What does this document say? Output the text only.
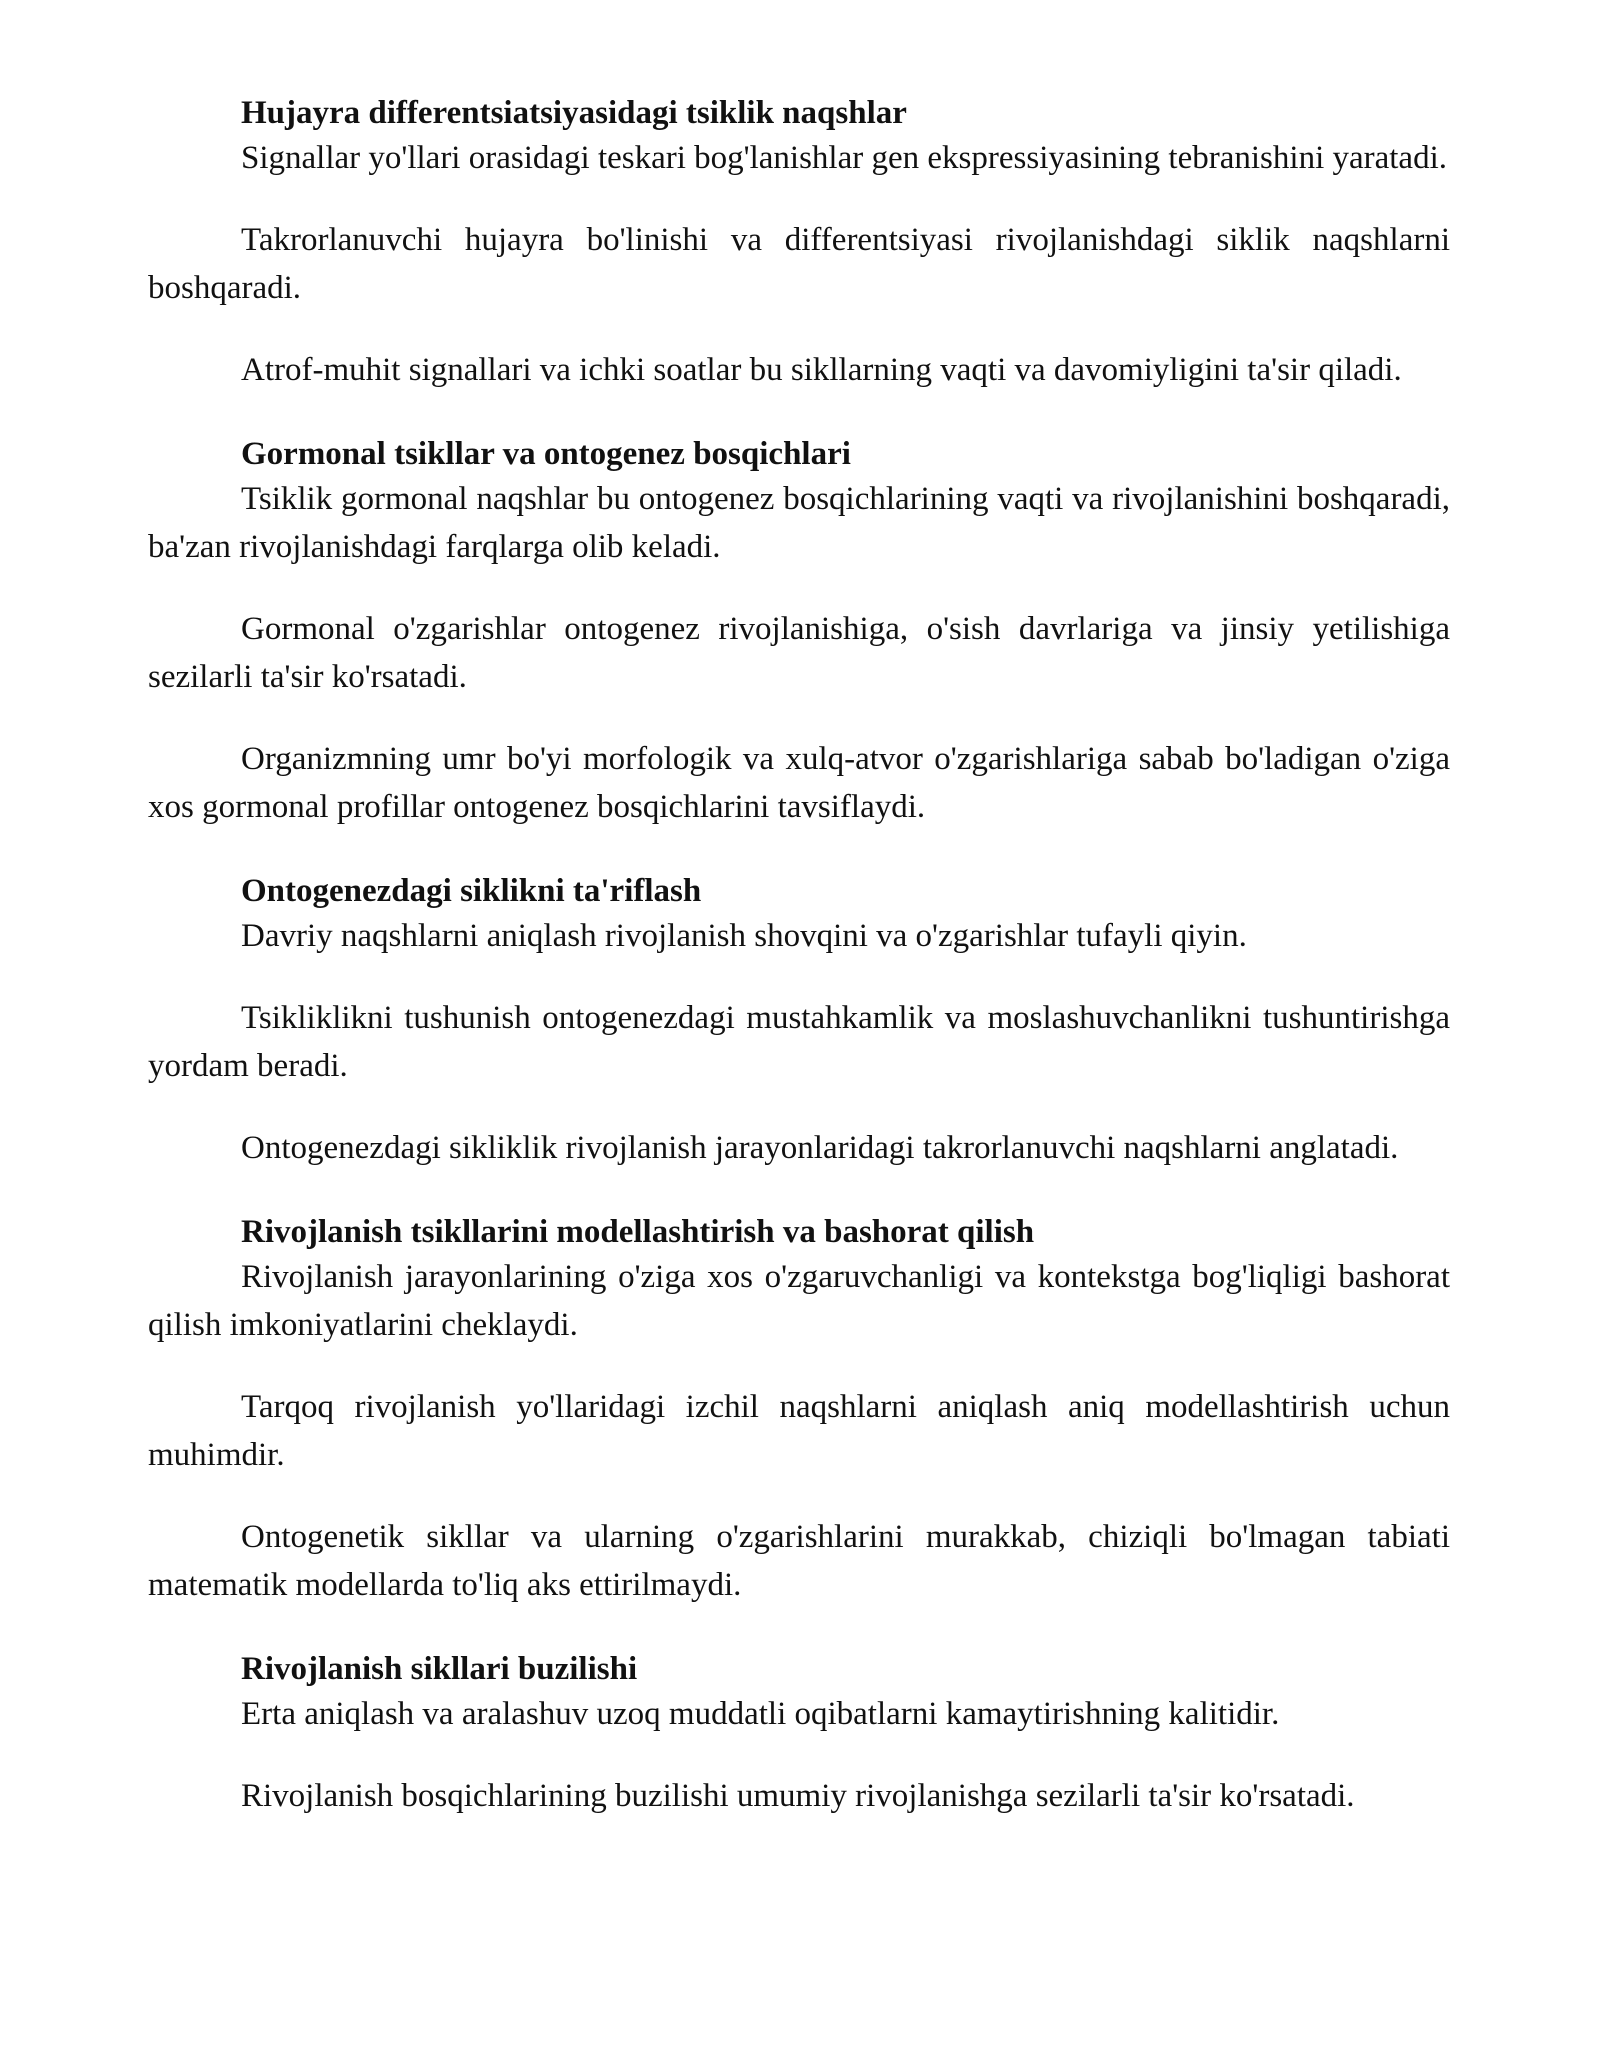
Hujayra differentsiatsiyasidagi tsiklik naqshlar

Signallar yo'llari orasidagi teskari bog'lanishlar gen ekspressiyasining tebranishini yaratadi.

Takrorlanuvchi hujayra bo'linishi va differentsiyasi rivojlanishdagi siklik naqshlarni boshqaradi.

Atrof-muhit signallari va ichki soatlar bu sikllarning vaqti va davomiyligini ta'sir qiladi.

Gormonal tsikllar va ontogenez bosqichlari

Tsiklik gormonal naqshlar bu ontogenez bosqichlarining vaqti va rivojlanishini boshqaradi, ba'zan rivojlanishdagi farqlarga olib keladi.

Gormonal o'zgarishlar ontogenez rivojlanishiga, o'sish davrlariga va jinsiy yetilishiga sezilarli ta'sir ko'rsatadi.

Organizmning umr bo'yi morfologik va xulq-atvor o'zgarishlariga sabab bo'ladigan o'ziga xos gormonal profillar ontogenez bosqichlarini tavsiflaydi.

Ontogenezdagi siklikni ta'riflash

Davriy naqshlarni aniqlash rivojlanish shovqini va o'zgarishlar tufayli qiyin.

Tsikliklikni tushunish ontogenezdagi mustahkamlik va moslashuvchanlikni tushuntirishga yordam beradi.

Ontogenezdagi sikliklik rivojlanish jarayonlaridagi takrorlanuvchi naqshlarni anglatadi.

Rivojlanish tsikllarini modellashtirish va bashorat qilish

Rivojlanish jarayonlarining o'ziga xos o'zgaruvchanligi va kontekstga bog'liqligi bashorat qilish imkoniyatlarini cheklaydi.

Tarqoq rivojlanish yo'llaridagi izchil naqshlarni aniqlash aniq modellashtirish uchun muhimdir.

Ontogenetik sikllar va ularning o'zgarishlarini murakkab, chiziqli bo'lmagan tabiati matematik modellarda to'liq aks ettirilmaydi.

Rivojlanish sikllari buzilishi

Erta aniqlash va aralashuv uzoq muddatli oqibatlarni kamaytirishning kalitidir.

Rivojlanish bosqichlarining buzilishi umumiy rivojlanishga sezilarli ta'sir ko'rsatadi.
